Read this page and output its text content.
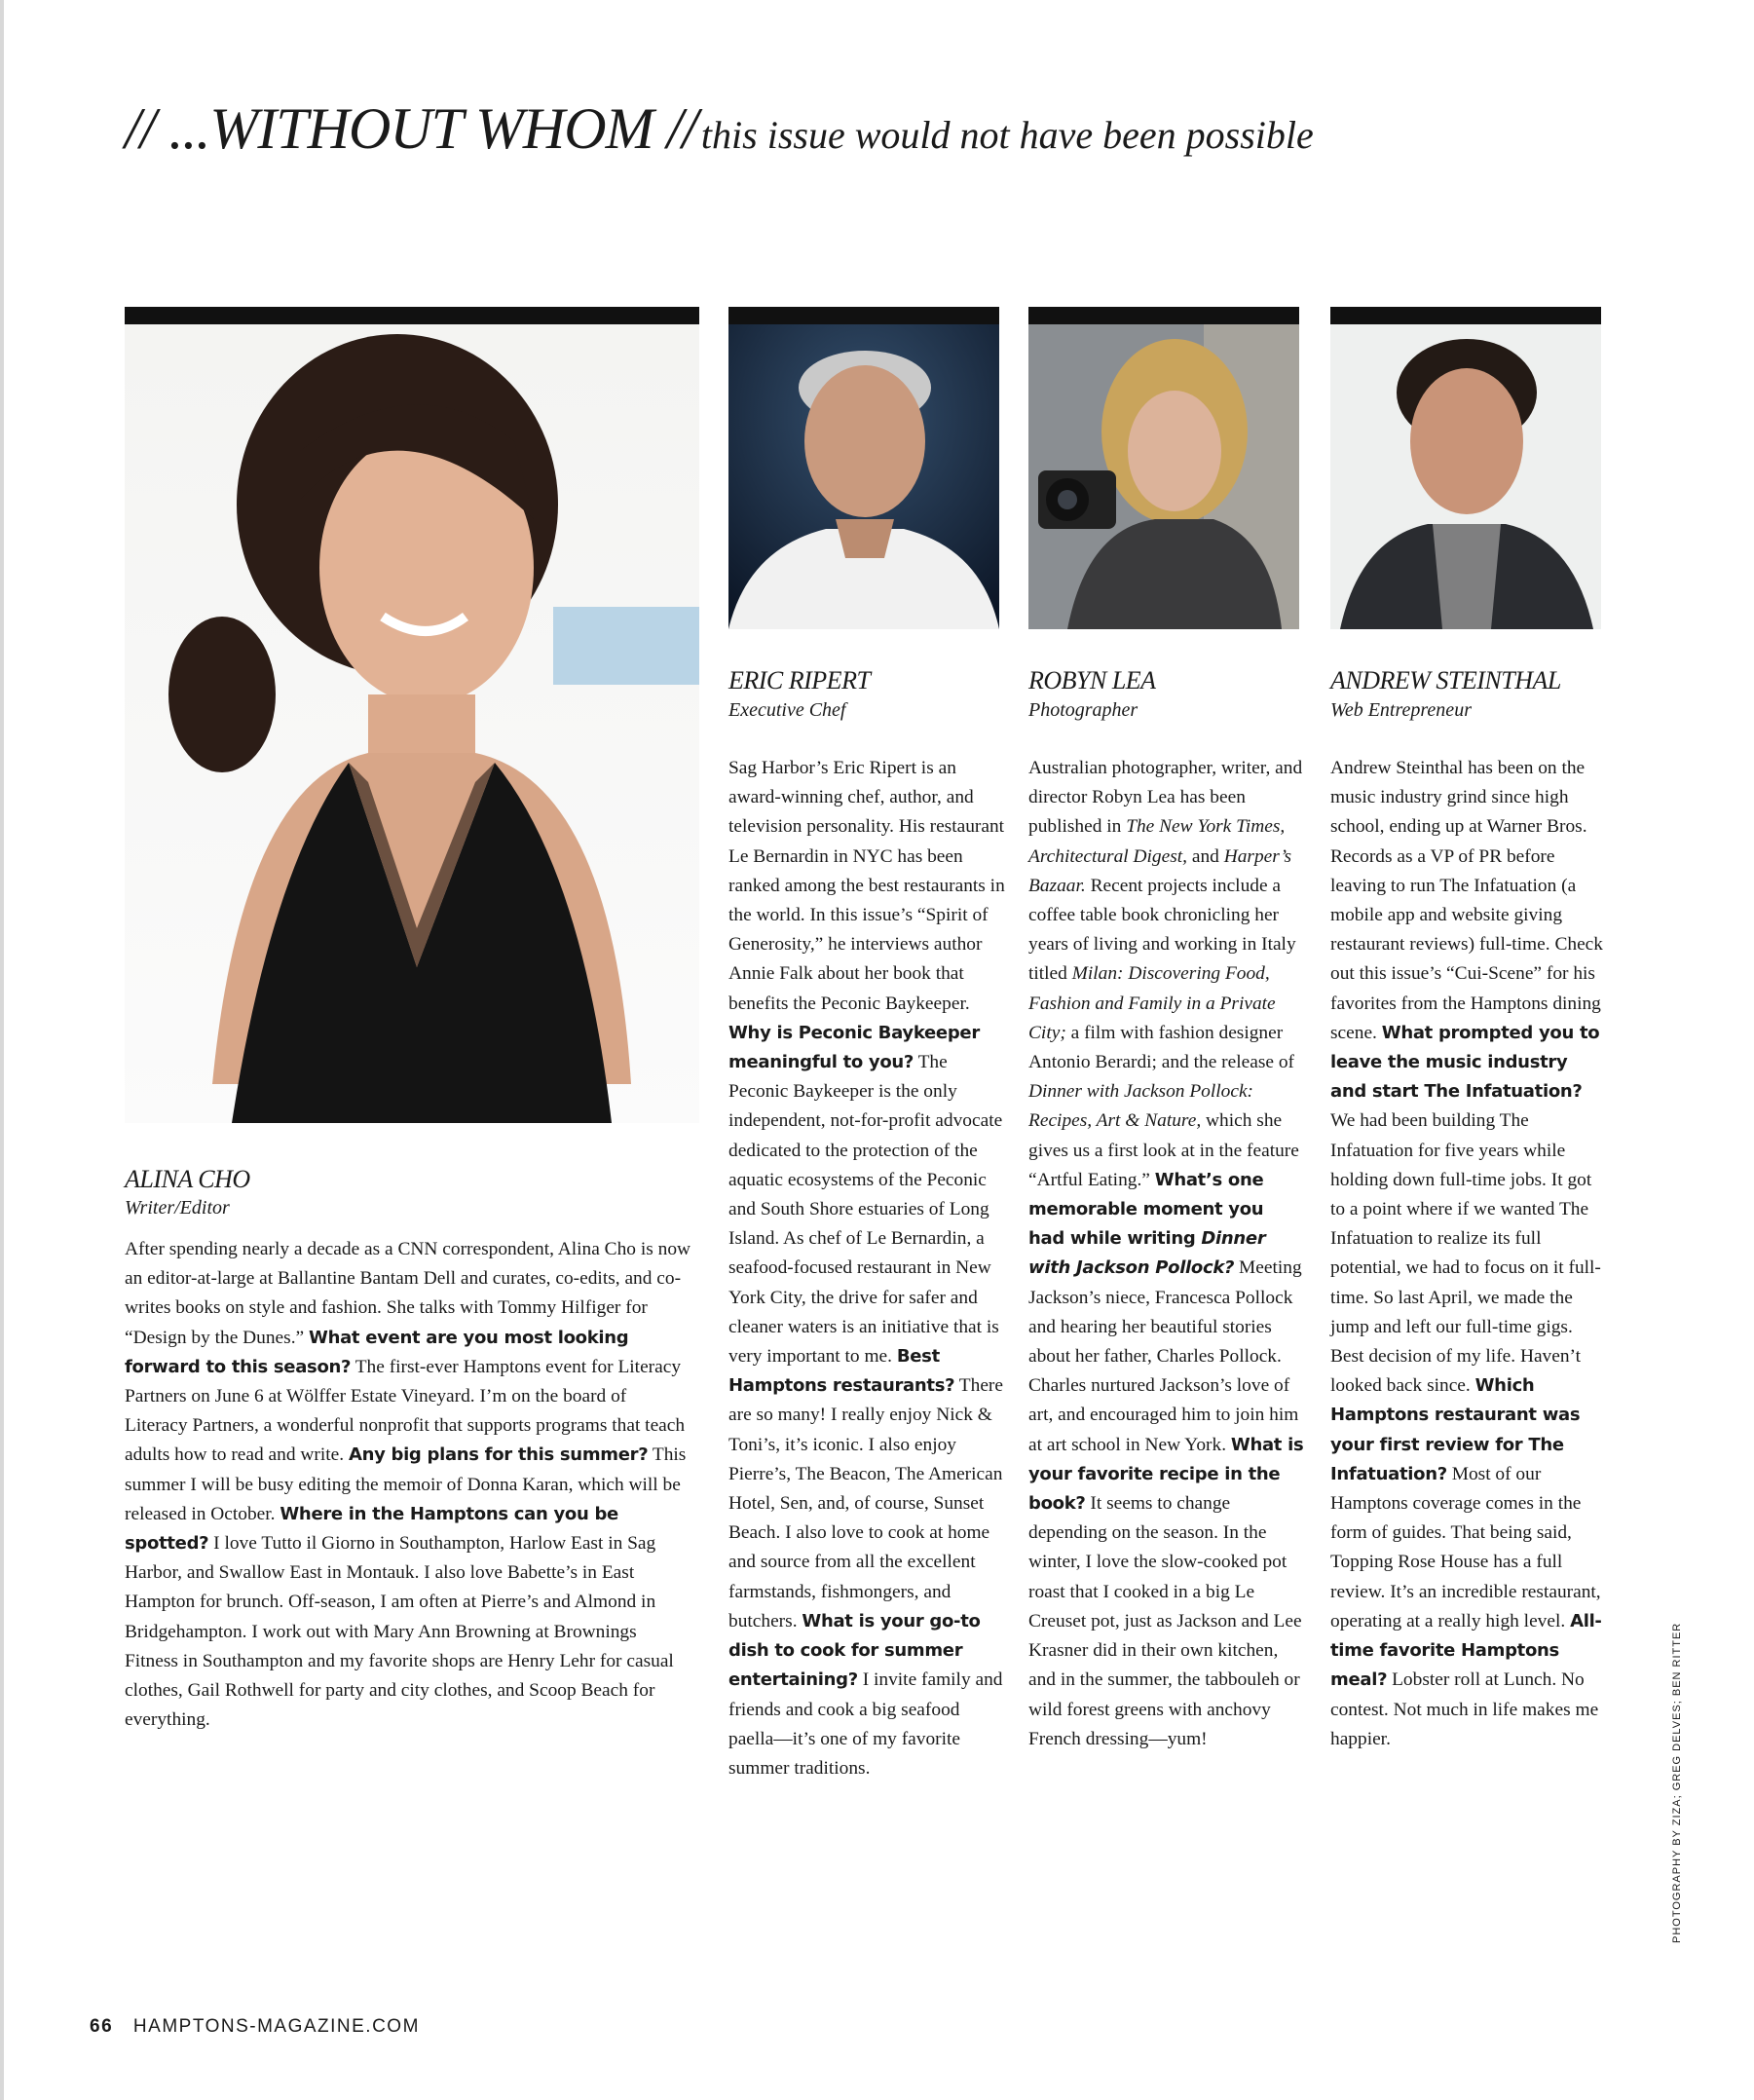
// ...WITHOUT WHOM // this issue would not have been possible
ALINA CHO
Writer/Editor

After spending nearly a decade as a CNN correspondent, Alina Cho is now an editor-at-large at Ballantine Bantam Dell and curates, co-edits, and co-writes books on style and fashion. She talks with Tommy Hilfiger for “Design by the Dunes.” What event are you most looking forward to this season? The first-ever Hamptons event for Literacy Partners on June 6 at Wölffer Estate Vineyard. I’m on the board of Literacy Partners, a wonderful nonprofit that supports programs that teach adults how to read and write. Any big plans for this summer? This summer I will be busy editing the memoir of Donna Karan, which will be released in October. Where in the Hamptons can you be spotted? I love Tutto il Giorno in Southampton, Harlow East in Sag Harbor, and Swallow East in Montauk. I also love Babette’s in East Hampton for brunch. Off-season, I am often at Pierre’s and Almond in Bridgehampton. I work out with Mary Ann Browning at Brownings Fitness in Southampton and my favorite shops are Henry Lehr for casual clothes, Gail Rothwell for party and city clothes, and Scoop Beach for everything.

ERIC RIPERT
Executive Chef

Sag Harbor’s Eric Ripert is an award-winning chef, author, and television personality. His restaurant Le Bernardin in NYC has been ranked among the best restaurants in the world. In this issue’s “Spirit of Generosity,” he interviews author Annie Falk about her book that benefits the Peconic Baykeeper. Why is Peconic Baykeeper meaningful to you? The Peconic Baykeeper is the only independent, not-for-profit advocate dedicated to the protection of the aquatic ecosystems of the Peconic and South Shore estuaries of Long Island. As chef of Le Bernardin, a seafood-focused restaurant in New York City, the drive for safer and cleaner waters is an initiative that is very important to me. Best Hamptons restaurants? There are so many! I really enjoy Nick & Toni’s, it’s iconic. I also enjoy Pierre’s, The Beacon, The American Hotel, Sen, and, of course, Sunset Beach. I also love to cook at home and source from all the excellent farmstands, fishmongers, and butchers. What is your go-to dish to cook for summer entertaining? I invite family and friends and cook a big seafood paella—it’s one of my favorite summer traditions.

ROBYN LEA
Photographer

Australian photographer, writer, and director Robyn Lea has been published in The New York Times, Architectural Digest, and Harper’s Bazaar. Recent projects include a coffee table book chronicling her years of living and working in Italy titled Milan: Discovering Food, Fashion and Family in a Private City; a film with fashion designer Antonio Berardi; and the release of Dinner with Jackson Pollock: Recipes, Art & Nature, which she gives us a first look at in the feature “Artful Eating.” What’s one memorable moment you had while writing Dinner with Jackson Pollock? Meeting Jackson’s niece, Francesca Pollock and hearing her beautiful stories about her father, Charles Pollock. Charles nurtured Jackson’s love of art, and encouraged him to join him at art school in New York. What is your favorite recipe in the book? It seems to change depending on the season. In the winter, I love the slow-cooked pot roast that I cooked in a big Le Creuset pot, just as Jackson and Lee Krasner did in their own kitchen, and in the summer, the tabbouleh or wild forest greens with anchovy French dressing—yum!

ANDREW STEINTHAL
Web Entrepreneur

Andrew Steinthal has been on the music industry grind since high school, ending up at Warner Bros. Records as a VP of PR before leaving to run The Infatuation (a mobile app and website giving restaurant reviews) full-time. Check out this issue’s “Cui-Scene” for his favorites from the Hamptons dining scene. What prompted you to leave the music industry and start The Infatuation? We had been building The Infatuation for five years while holding down full-time jobs. It got to a point where if we wanted The Infatuation to realize its full potential, we had to focus on it full-time. So last April, we made the jump and left our full-time gigs. Best decision of my life. Haven’t looked back since. Which Hamptons restaurant was your first review for The Infatuation? Most of our Hamptons coverage comes in the form of guides. That being said, Topping Rose House has a full review. It’s an incredible restaurant, operating at a really high level. All-time favorite Hamptons meal? Lobster roll at Lunch. No contest. Not much in life makes me happier.	PHOTOGRAPHY BY ZIZA; GREG DELVES; BEN RITTER
66 HAMPTONS-MAGAZINE.COM
